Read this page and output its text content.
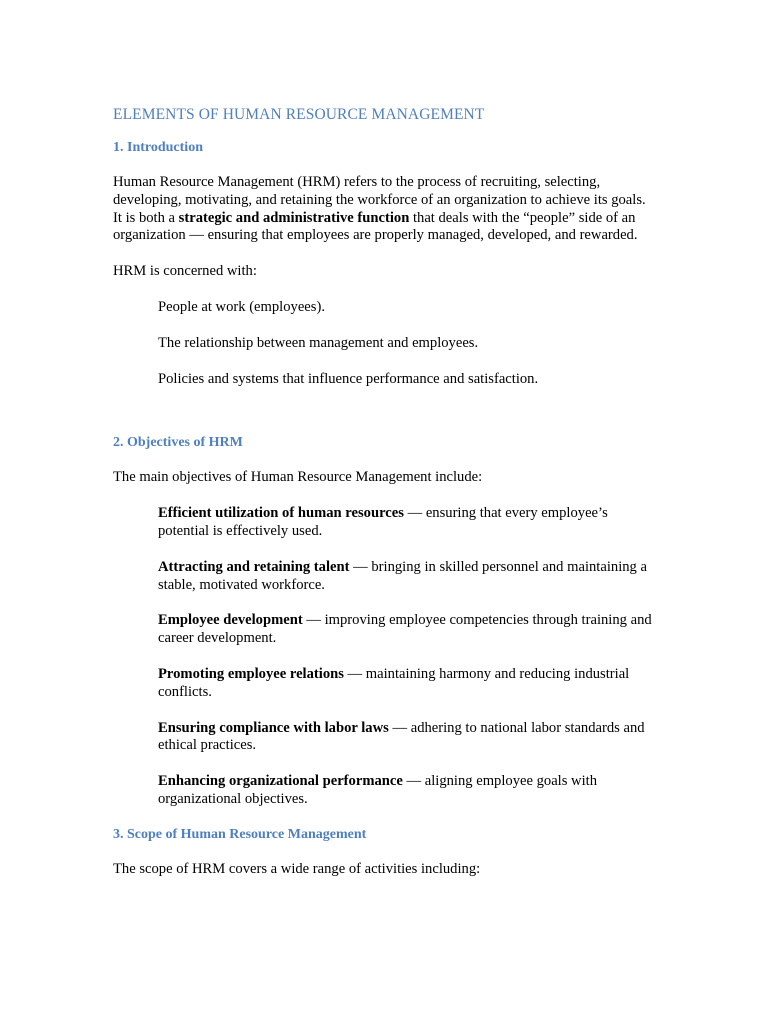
ELEMENTS OF HUMAN RESOURCE MANAGEMENT
1. Introduction

Human Resource Management (HRM) refers to the process of recruiting, selecting, developing, motivating, and retaining the workforce of an organization to achieve its goals.
It is both a strategic and administrative function that deals with the “people” side of an organization — ensuring that employees are properly managed, developed, and rewarded.

HRM is concerned with:

People at work (employees).

The relationship between management and employees.

Policies and systems that influence performance and satisfaction.

2. Objectives of HRM

The main objectives of Human Resource Management include:

Efficient utilization of human resources — ensuring that every employee’s potential is effectively used.

Attracting and retaining talent — bringing in skilled personnel and maintaining a stable, motivated workforce.

Employee development — improving employee competencies through training and career development.

Promoting employee relations — maintaining harmony and reducing industrial conflicts.

Ensuring compliance with labor laws — adhering to national labor standards and ethical practices.

Enhancing organizational performance — aligning employee goals with organizational objectives.

3. Scope of Human Resource Management

The scope of HRM covers a wide range of activities including:
